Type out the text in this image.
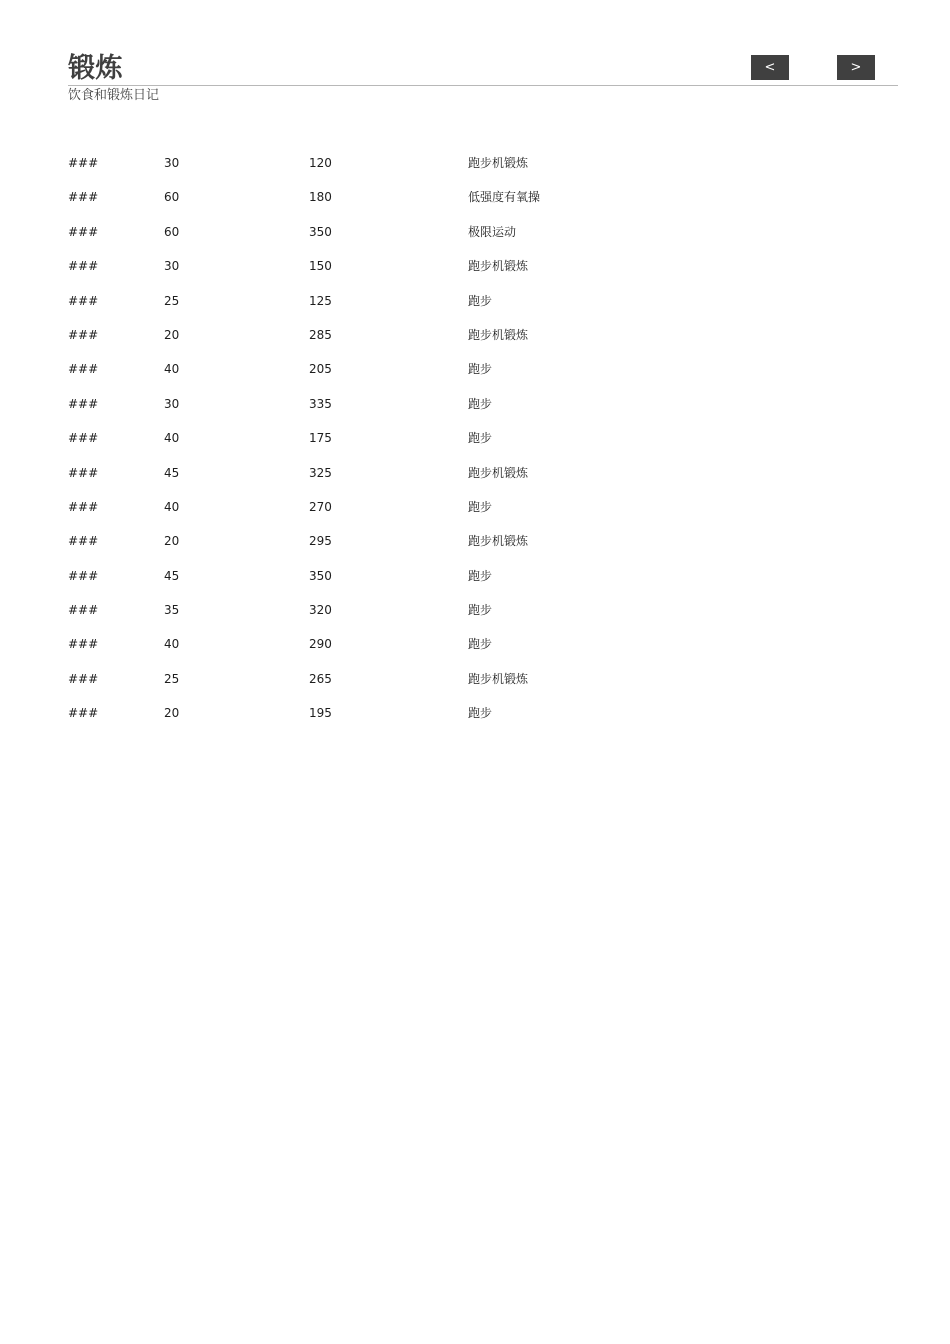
锻炼
饮食和锻炼日记
<	>
###	30	120	跑步机锻炼
###	60	180	低强度有氧操
###	60	350	极限运动
###	30	150	跑步机锻炼
###	25	125	跑步
###	20	285	跑步机锻炼
###	40	205	跑步
###	30	335	跑步
###	40	175	跑步
###	45	325	跑步机锻炼
###	40	270	跑步
###	20	295	跑步机锻炼
###	45	350	跑步
###	35	320	跑步
###	40	290	跑步
###	25	265	跑步机锻炼
###	20	195	跑步
